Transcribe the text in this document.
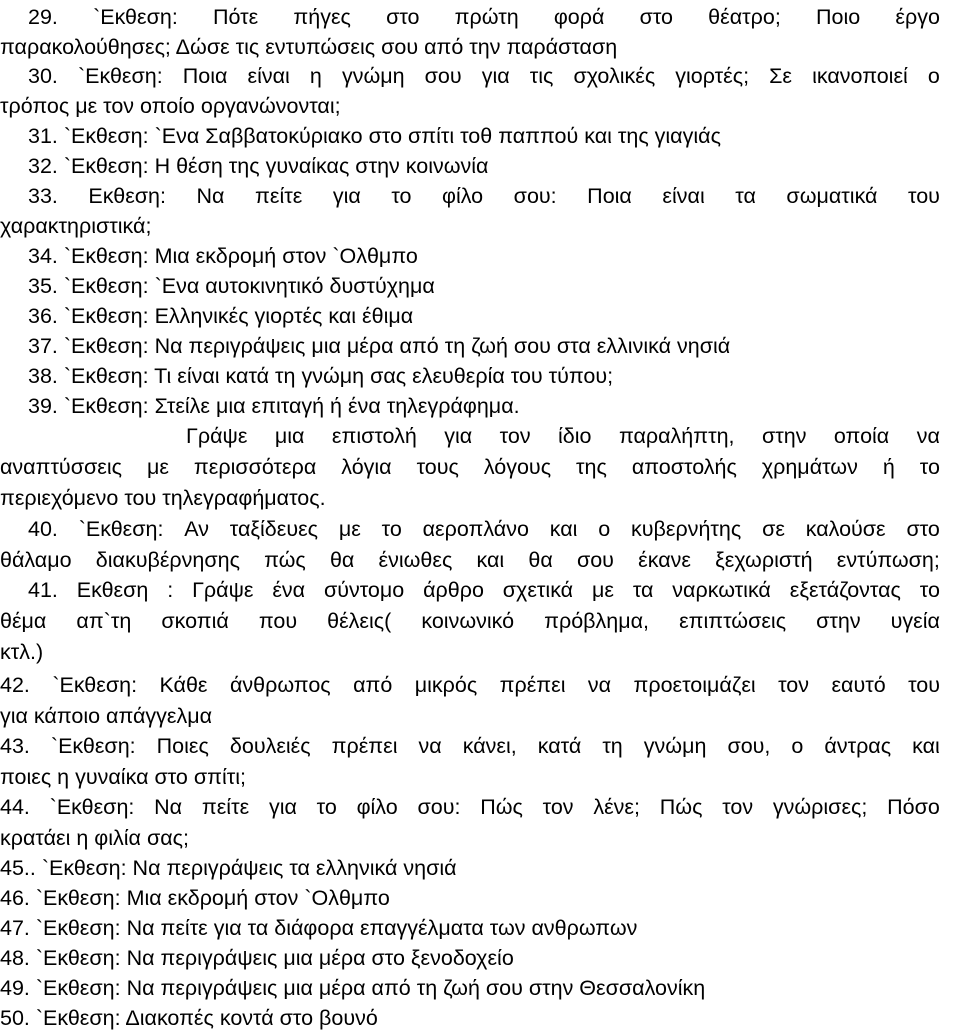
29. `Εκθεση: Πότε πήγες στο πρώτη φορά στο θέατρο; Ποιο έργο
παρακολούθησες; Δώσε τις εντυπώσεις σου από την παράσταση
30. `Εκθεση: Ποια είναι η γνώμη σου για τις σχολικές γιορτές; Σε ικανοποιεί ο
τρόπος με τον οποίο οργανώνονται;
31. `Εκθεση: `Ενα Σαββατοκύριακο στο σπίτι τοθ παππού και της γιαγιάς
32. `Εκθεση: Η θέση της γυναίκας στην κοινωνία
33. Εκθεση: Να πείτε για το φίλο σου: Ποια είναι τα σωματικά του
χαρακτηριστικά;
34. `Εκθεση: Μια εκδρομή στον `Ολθμπο
35. `Εκθεση: `Ενα αυτοκινητικό δυστύχημα
36. `Εκθεση: Ελληνικές γιορτές και έθιμα
37. `Εκθεση: Να περιγράψεις μια μέρα από τη ζωή σου στα ελλινικά νησιά
38. `Εκθεση: Τι είναι κατά τη γνώμη σας ελευθερία του τύπου;
39. `Εκθεση: Στείλε μια επιταγή ή ένα τηλεγράφημα.
Γράψε μια επιστολή για τον ίδιο παραλήπτη, στην οποία να
αναπτύσσεις με περισσότερα λόγια τους λόγους της αποστολής χρημάτων ή το
περιεχόμενο του τηλεγραφήματος.
40. `Εκθεση: Αν ταξίδευες με το αεροπλάνο και ο κυβερνήτης σε καλούσε στο
θάλαμο διακυβέρνησης πώς θα ένιωθες και θα σου έκανε ξεχωριστή εντύπωση;
41. Εκθεση : Γράψε ένα σύντομο άρθρο σχετικά με τα ναρκωτικά εξετάζοντας το
θέμα απ`τη σκοπιά που θέλεις( κοινωνικό πρόβλημα, επιπτώσεις στην υγεία
κτλ.)
42. `Εκθεση: Κάθε άνθρωπος από μικρός πρέπει να προετοιμάζει τον εαυτό του
για κάποιο απάγγελμα
43. `Εκθεση: Ποιες δουλειές πρέπει να κάνει, κατά τη γνώμη σου, ο άντρας και
ποιες η γυναίκα στο σπίτι;
44. `Εκθεση: Να πείτε για το φίλο σου: Πώς τον λένε; Πώς τον γνώρισες; Πόσο
κρατάει η φιλία σας;
45.. `Εκθεση: Να περιγράψεις τα ελληνικά νησιά
46. `Εκθεση: Μια εκδρομή στον `Ολθμπο
47. `Εκθεση: Να πείτε για τα διάφορα επαγγέλματα των ανθρωπων
48. `Εκθεση: Να περιγράψεις μια μέρα στο ξενοδοχείο
49. `Εκθεση: Να περιγράψεις μια μέρα από τη ζωή σου στην Θεσσαλονίκη
50. `Εκθεση: Διακοπές κοντά στο βουνό
